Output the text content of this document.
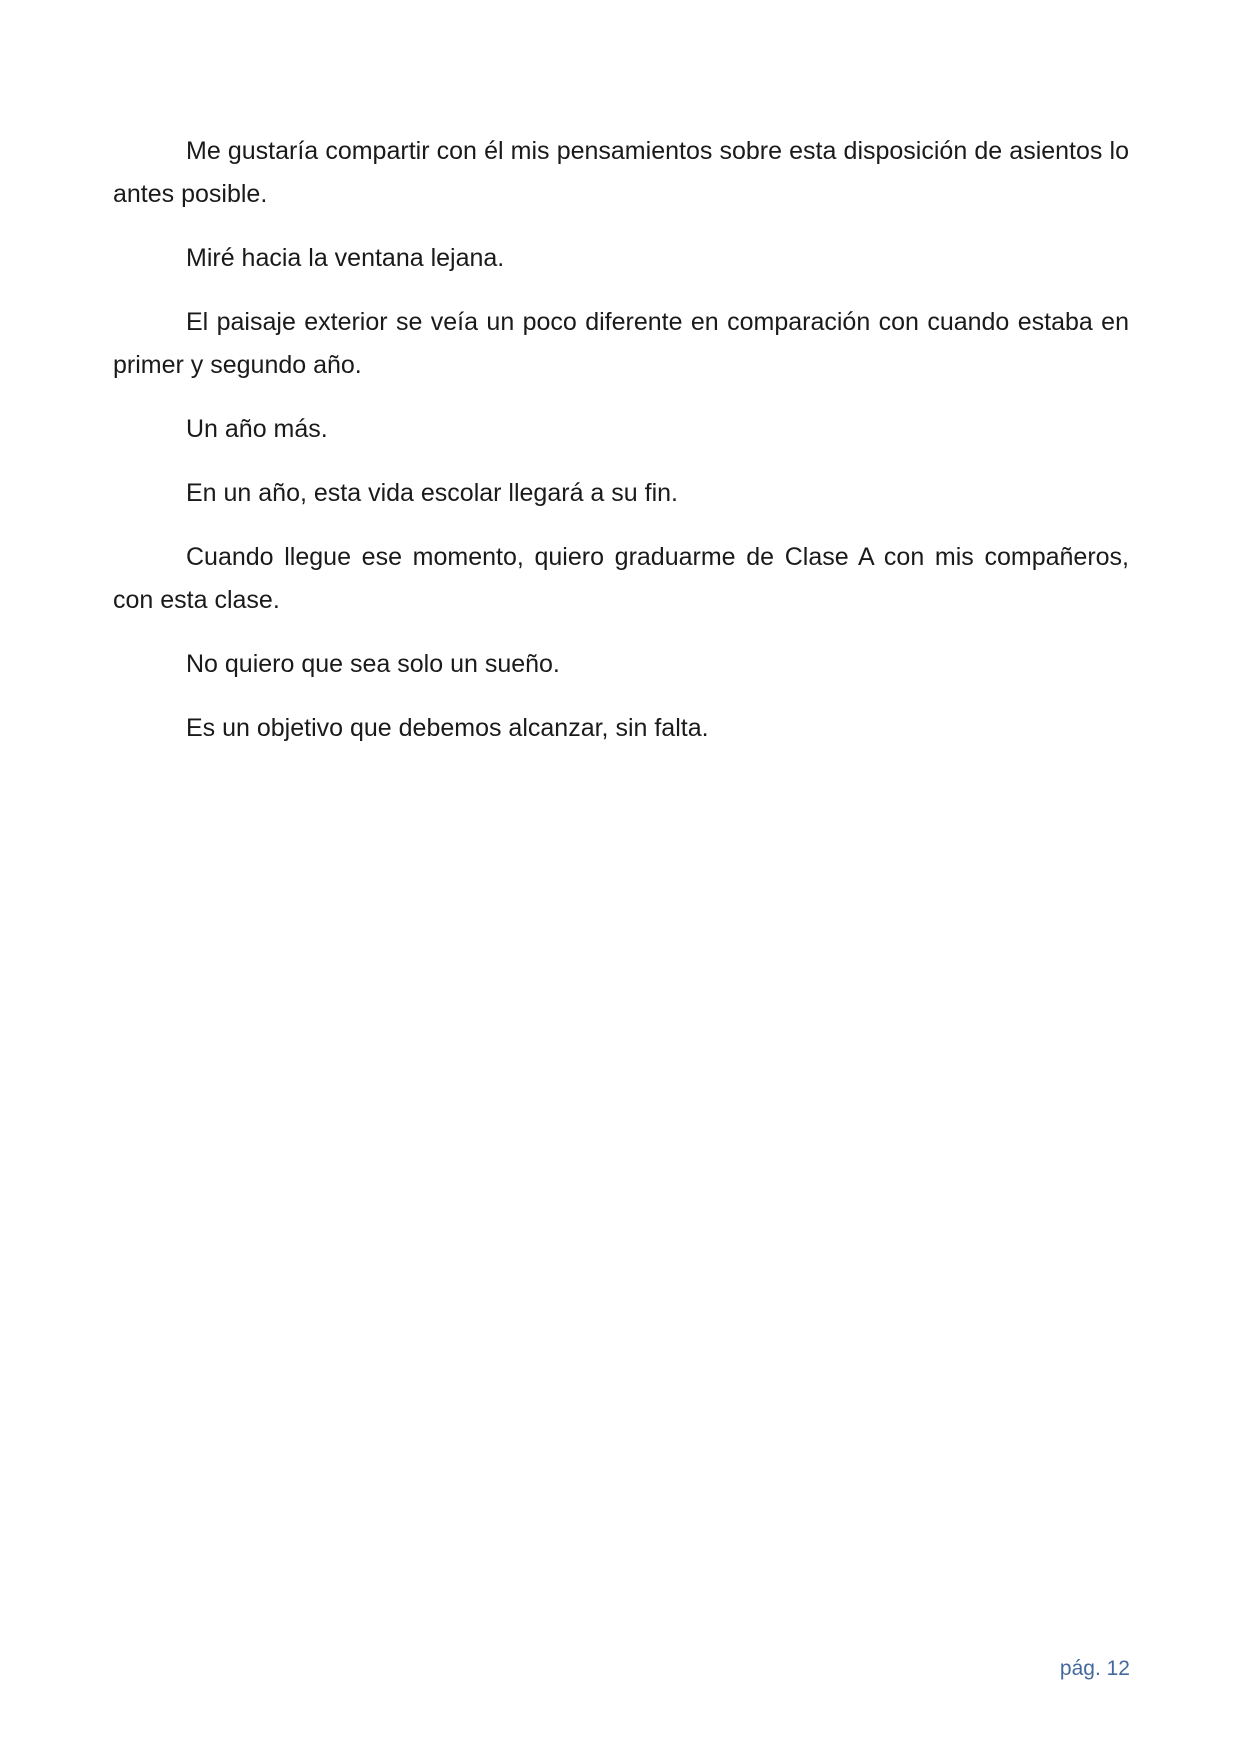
Me gustaría compartir con él mis pensamientos sobre esta disposición de asientos lo antes posible.

Miré hacia la ventana lejana.

El paisaje exterior se veía un poco diferente en comparación con cuando estaba en primer y segundo año.

Un año más.

En un año, esta vida escolar llegará a su fin.

Cuando llegue ese momento, quiero graduarme de Clase A con mis compañeros, con esta clase.

No quiero que sea solo un sueño.

Es un objetivo que debemos alcanzar, sin falta.

pág. 12
